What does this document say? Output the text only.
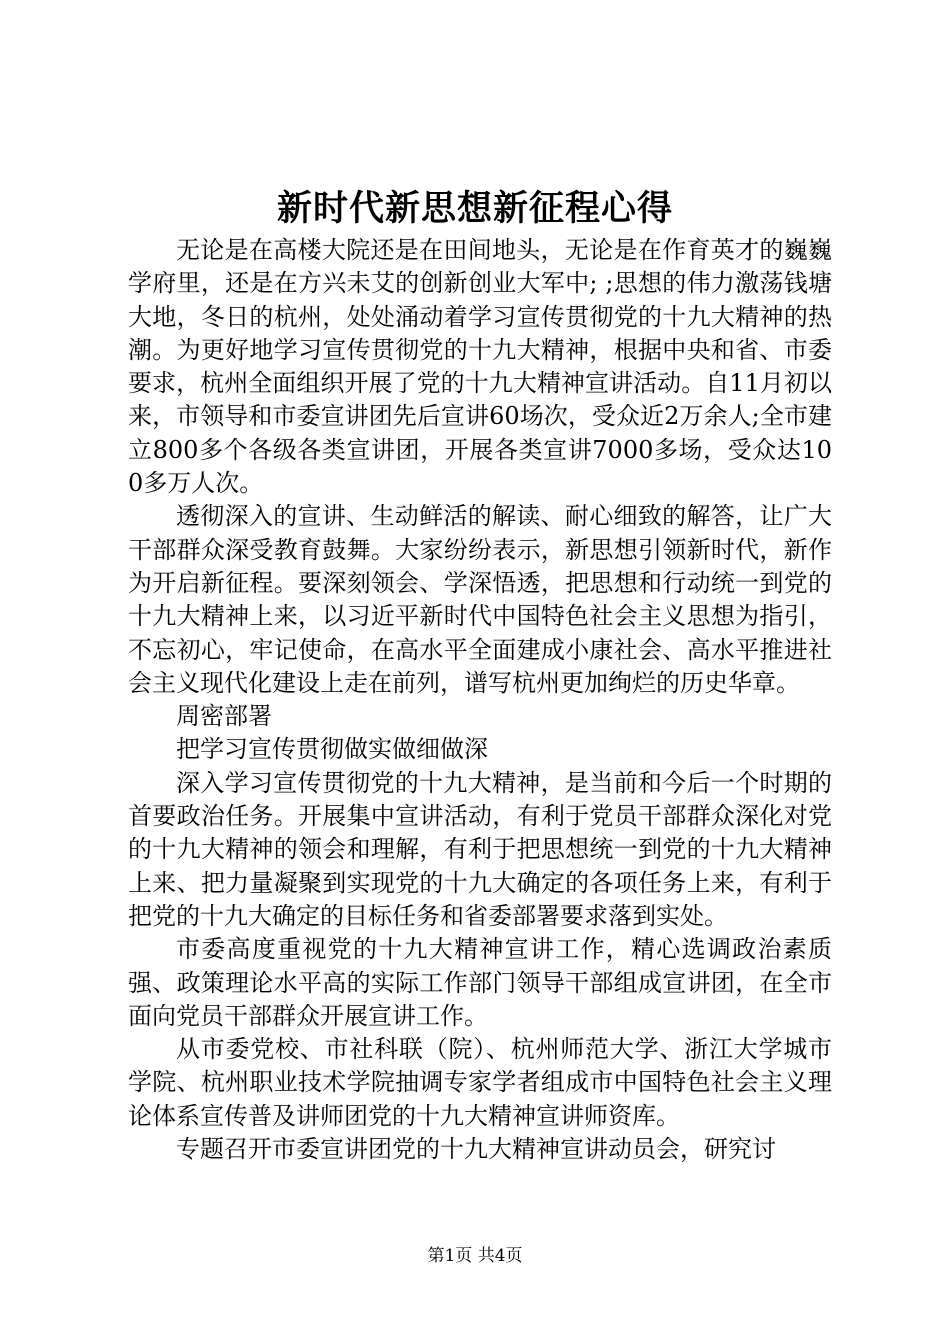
新时代新思想新征程心得

无论是在高楼大院还是在田间地头，无论是在作育英才的巍巍学府里，还是在方兴未艾的创新创业大军中; ;思想的伟力激荡钱塘大地，冬日的杭州，处处涌动着学习宣传贯彻党的十九大精神的热潮。为更好地学习宣传贯彻党的十九大精神，根据中央和省、市委要求，杭州全面组织开展了党的十九大精神宣讲活动。自11月初以来，市领导和市委宣讲团先后宣讲60场次，受众近2万余人;全市建立800多个各级各类宣讲团，开展各类宣讲7000多场，受众达100多万人次。

透彻深入的宣讲、生动鲜活的解读、耐心细致的解答，让广大干部群众深受教育鼓舞。大家纷纷表示，新思想引领新时代，新作为开启新征程。要深刻领会、学深悟透，把思想和行动统一到党的十九大精神上来，以习近平新时代中国特色社会主义思想为指引，不忘初心，牢记使命，在高水平全面建成小康社会、高水平推进社会主义现代化建设上走在前列，谱写杭州更加绚烂的历史华章。

周密部署

把学习宣传贯彻做实做细做深

深入学习宣传贯彻党的十九大精神，是当前和今后一个时期的首要政治任务。开展集中宣讲活动，有利于党员干部群众深化对党的十九大精神的领会和理解，有利于把思想统一到党的十九大精神上来、把力量凝聚到实现党的十九大确定的各项任务上来，有利于把党的十九大确定的目标任务和省委部署要求落到实处。

市委高度重视党的十九大精神宣讲工作，精心选调政治素质强、政策理论水平高的实际工作部门领导干部组成宣讲团，在全市面向党员干部群众开展宣讲工作。

从市委党校、市社科联（院）、杭州师范大学、浙江大学城市学院、杭州职业技术学院抽调专家学者组成市中国特色社会主义理论体系宣传普及讲师团党的十九大精神宣讲师资库。

专题召开市委宣讲团党的十九大精神宣讲动员会，研究讨

第1页 共4页
